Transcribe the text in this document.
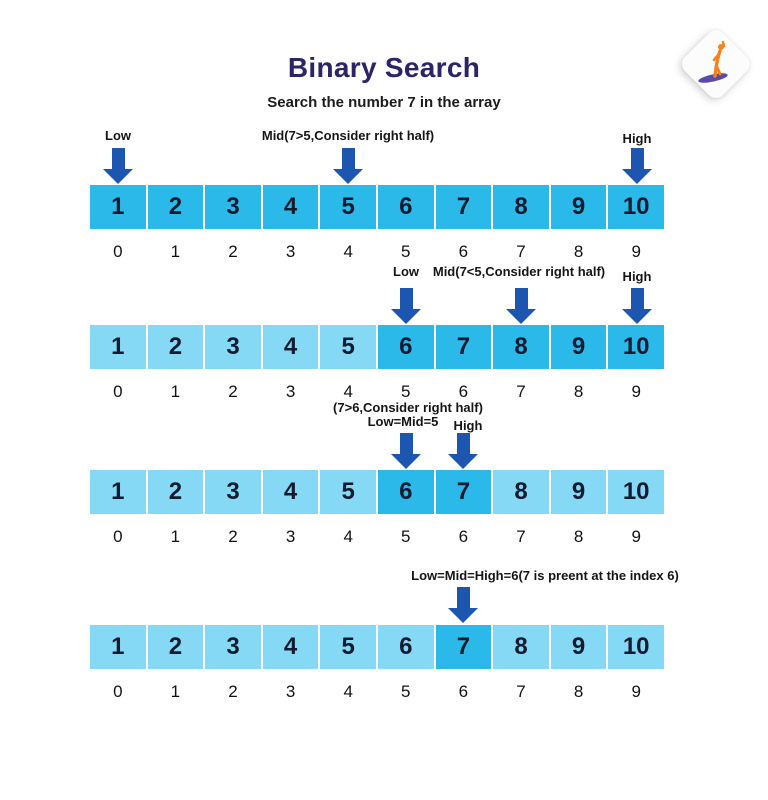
Binary Search
Search the number 7 in the array
Low	Mid(7>5,Consider right half)	High
1	2	3	4	5	6	7	8	9	10
0	1	2	3	4	5	6	7	8	9
Low Mid(7<5,Consider right half) High
1	2	3	4	5	6	7	8	9	10
0	1	2	3	4	5	6	7	8	9
(7>6,Consider right half)
Low=Mid=5 High
1	2	3	4	5	6	7	8	9	10
0	1	2	3	4	5	6	7	8	9
Low=Mid=High=6(7 is preent at the index 6)
1	2	3	4	5	6	7	8	9	10
0	1	2	3	4	5	6	7	8	9
